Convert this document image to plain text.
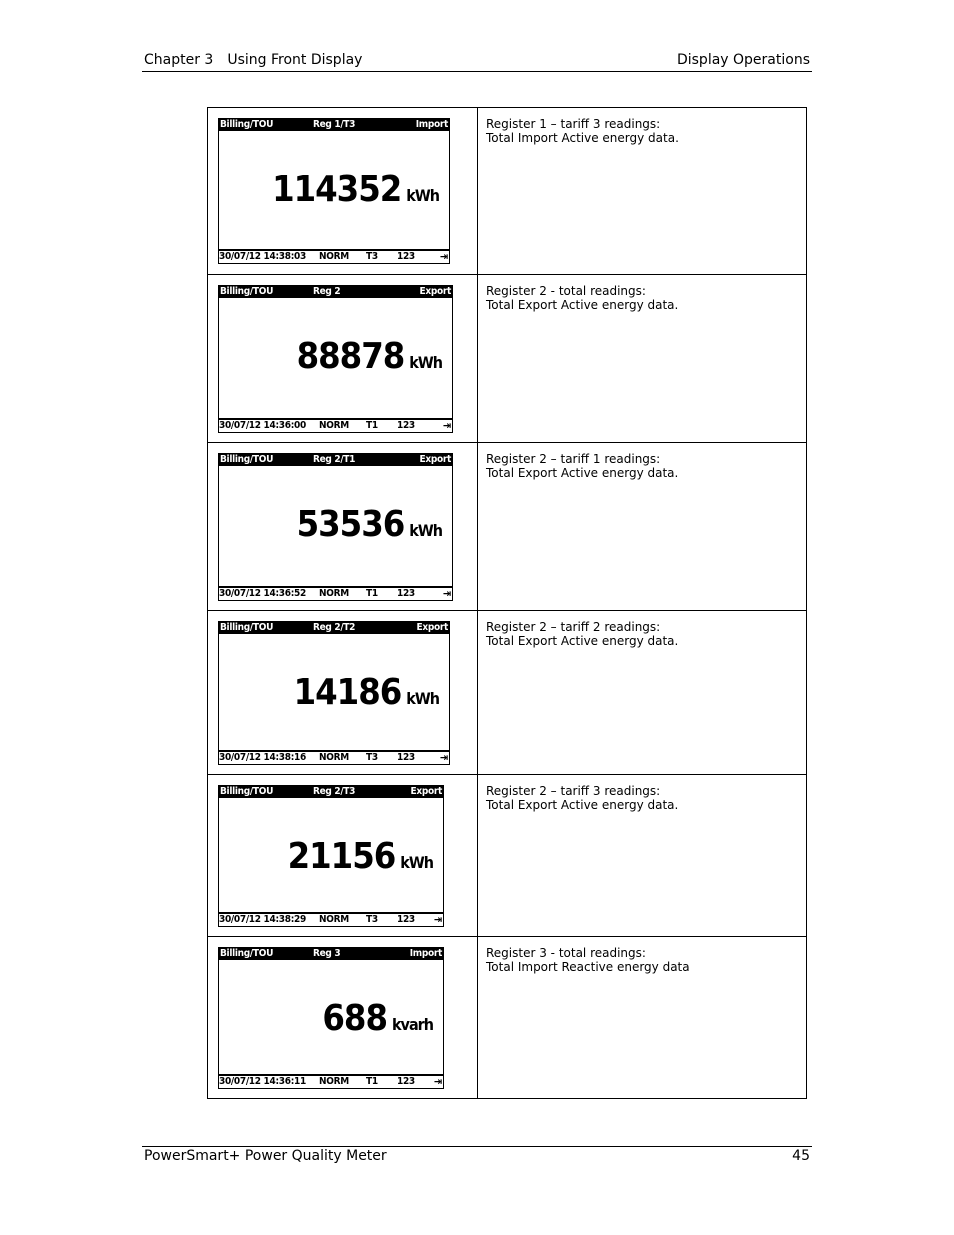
Chapter 3 Using Front Display	Display Operations
Billing/TOU	Reg 1/T3	Import
114352 kWh
30/07/12 14:38:03 NORM T3 123 ⇥
Register 1 – tariff 3 readings:
Total Import Active energy data.
Billing/TOU	Reg 2	Export
88878 kWh
30/07/12 14:36:00 NORM T1 123	⇥
Register 2 - total readings:
Total Export Active energy data.
Billing/TOU	Reg 2/T1	Export
53536 kWh
30/07/12 14:36:52 NORM T1 123	⇥
Register 2 – tariff 1 readings:
Total Export Active energy data.
Billing/TOU	Reg 2/T2	Export
14186 kWh
30/07/12 14:38:16 NORM T3 123 ⇥
Register 2 – tariff 2 readings:
Total Export Active energy data.
Billing/TOU	Reg 2/T3	Export
21156 kWh
30/07/12 14:38:29 NORM T3 123 ⇥
Register 2 – tariff 3 readings:
Total Export Active energy data.
Billing/TOU	Reg 3	Import
688 kvarh
30/07/12 14:36:11 NORM T1 123 ⇥
Register 3 - total readings:
Total Import Reactive energy data
PowerSmart+ Power Quality Meter	45
